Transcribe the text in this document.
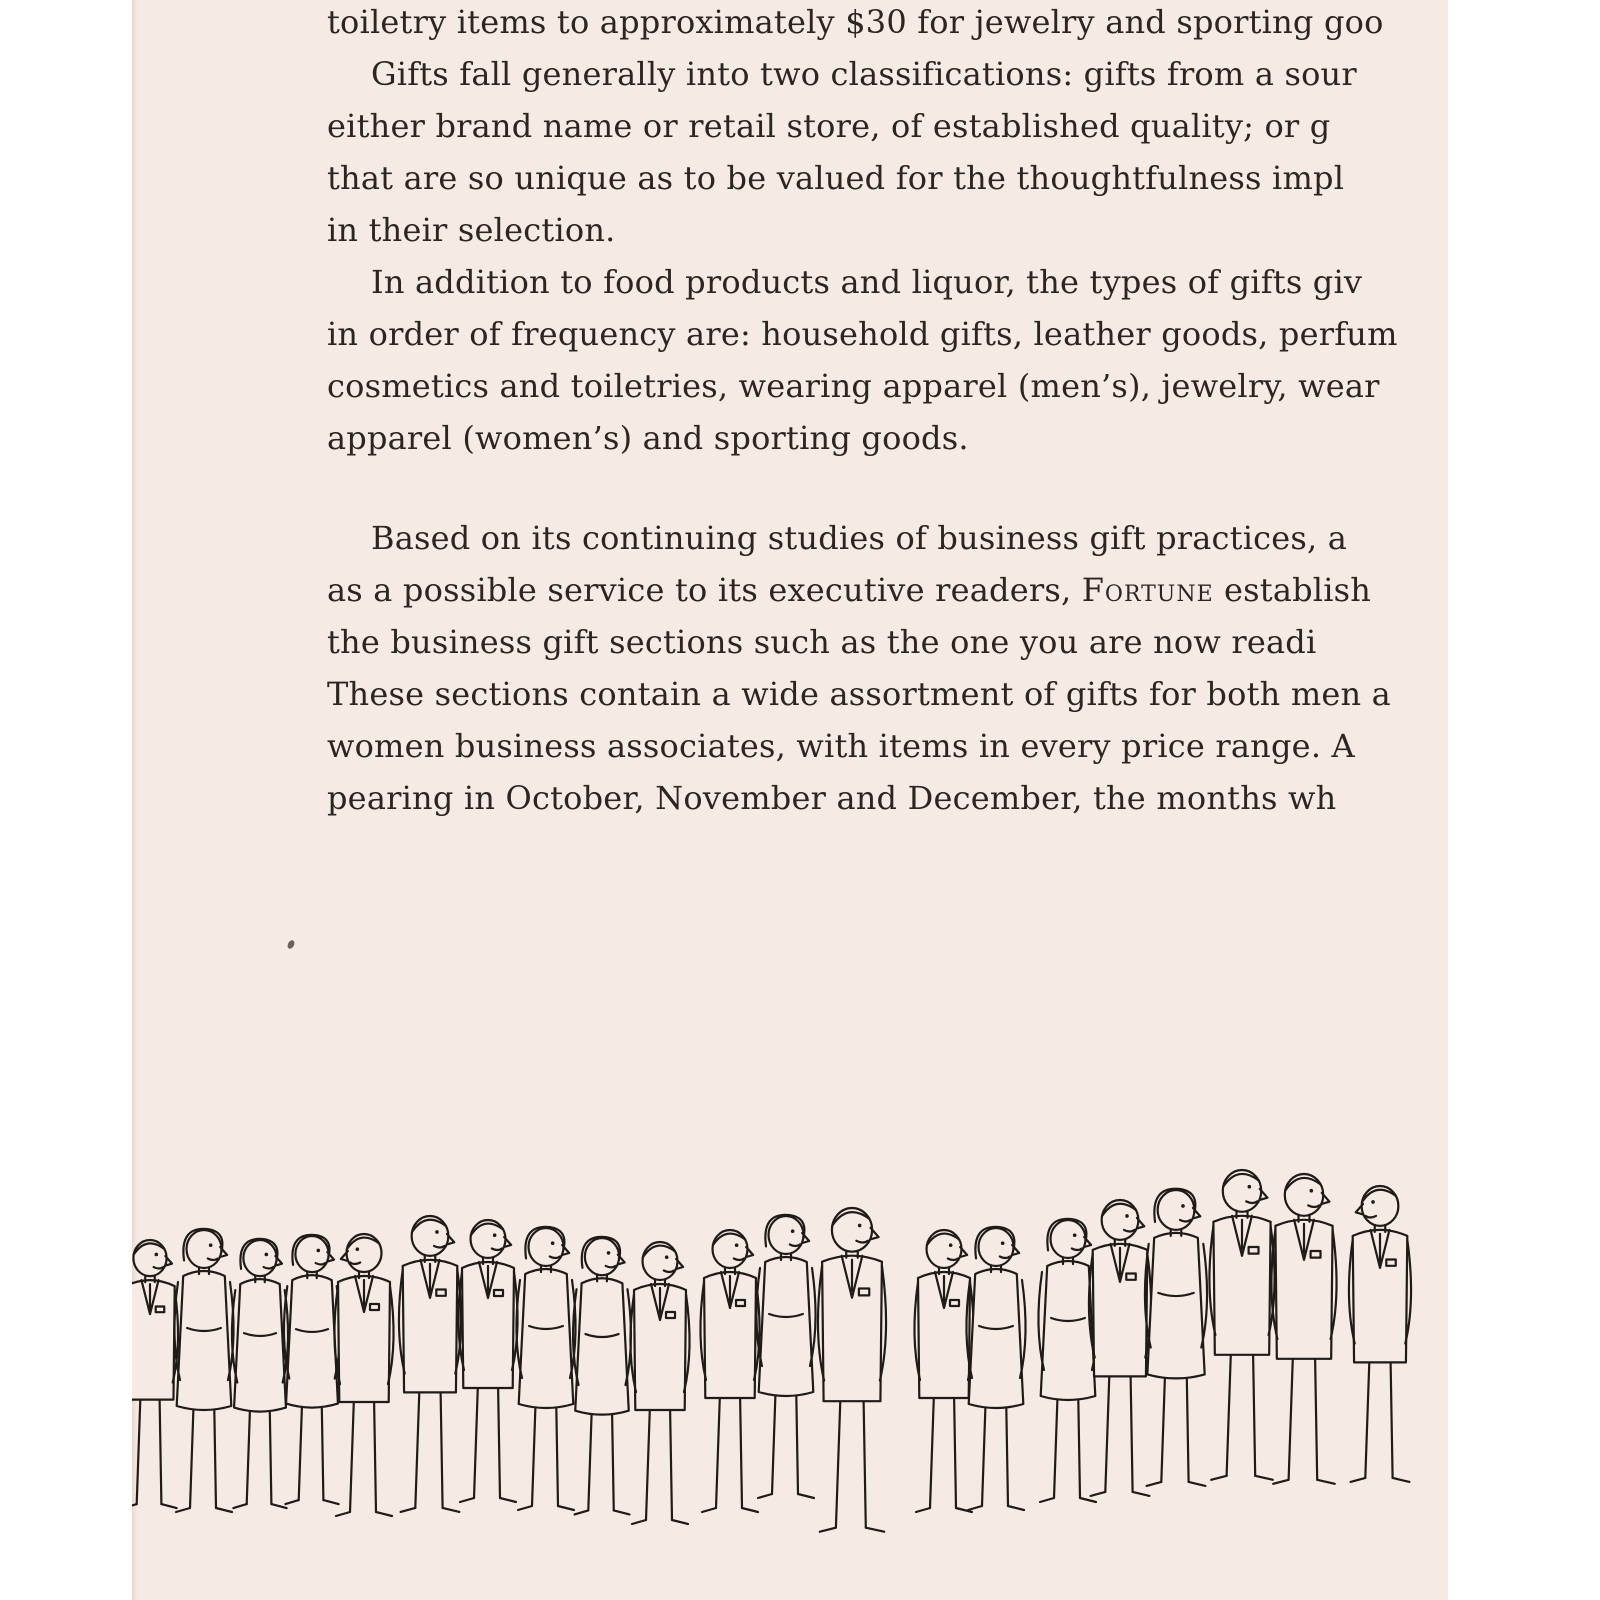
toiletry items to approximately $30 for jewelry and sporting goo
Gifts fall generally into two classifications: gifts from a sour
either brand name or retail store, of established quality; or g
that are so unique as to be valued for the thoughtfulness impl
in their selection.
In addition to food products and liquor, the types of gifts giv
in order of frequency are: household gifts, leather goods, perfum
cosmetics and toiletries, wearing apparel (men’s), jewelry, wear
apparel (women’s) and sporting goods.

Based on its continuing studies of business gift practices, a
as a possible service to its executive readers, Fortune establish
the business gift sections such as the one you are now readi
These sections contain a wide assortment of gifts for both men a
women business associates, with items in every price range. A
pearing in October, November and December, the months wh
